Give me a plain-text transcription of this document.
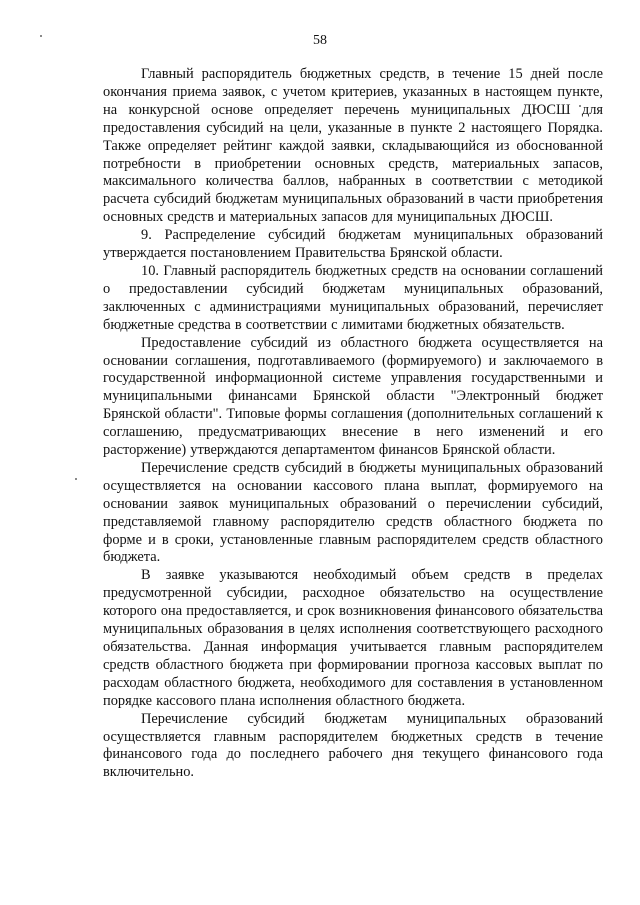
58

Главный распорядитель бюджетных средств, в течение 15 дней после окончания приема заявок, с учетом критериев, указанных в настоящем пункте, на конкурсной основе определяет перечень муниципальных ДЮСШ для предоставления субсидий на цели, указанные в пункте 2 настоящего Порядка. Также определяет рейтинг каждой заявки, складывающийся из обоснованной потребности в приобретении основных средств, материальных запасов, максимального количества баллов, набранных в соответствии с методикой расчета субсидий бюджетам муниципальных образований в части приобретения основных средств и материальных запасов для муниципальных ДЮСШ.

9. Распределение субсидий бюджетам муниципальных образований утверждается постановлением Правительства Брянской области.

10. Главный распорядитель бюджетных средств на основании соглашений о предоставлении субсидий бюджетам муниципальных образований, заключенных с администрациями муниципальных образований, перечисляет бюджетные средства в соответствии с лимитами бюджетных обязательств.

Предоставление субсидий из областного бюджета осуществляется на основании соглашения, подготавливаемого (формируемого) и заключаемого в государственной информационной системе управления государственными и муниципальными финансами Брянской области "Электронный бюджет Брянской области". Типовые формы соглашения (дополнительных соглашений к соглашению, предусматривающих внесение в него изменений и его расторжение) утверждаются департаментом финансов Брянской области.

Перечисление средств субсидий в бюджеты муниципальных образований осуществляется на основании кассового плана выплат, формируемого на основании заявок муниципальных образований о перечислении субсидий, представляемой главному распорядителю средств областного бюджета по форме и в сроки, установленные главным распорядителем средств областного бюджета.

В заявке указываются необходимый объем средств в пределах предусмотренной субсидии, расходное обязательство на осуществление которого она предоставляется, и срок возникновения финансового обязательства муниципальных образования в целях исполнения соответствующего расходного обязательства. Данная информация учитывается главным распорядителем средств областного бюджета при формировании прогноза кассовых выплат по расходам областного бюджета, необходимого для составления в установленном порядке кассового плана исполнения областного бюджета.

Перечисление субсидий бюджетам муниципальных образований осуществляется главным распорядителем бюджетных средств в течение финансового года до последнего рабочего дня текущего финансового года включительно.
